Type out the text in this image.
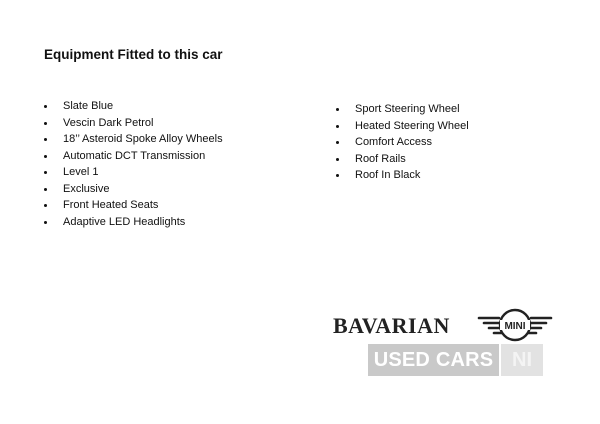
Equipment Fitted to this car
Slate Blue
Vescin Dark Petrol
18’’ Asteroid Spoke Alloy Wheels
Automatic DCT Transmission
Level 1
Exclusive
Front Heated Seats
Adaptive LED Headlights
Sport Steering Wheel
Heated Steering Wheel
Comfort Access
Roof Rails
Roof In Black
BAVARIAN	MINI
USED CARS NI
